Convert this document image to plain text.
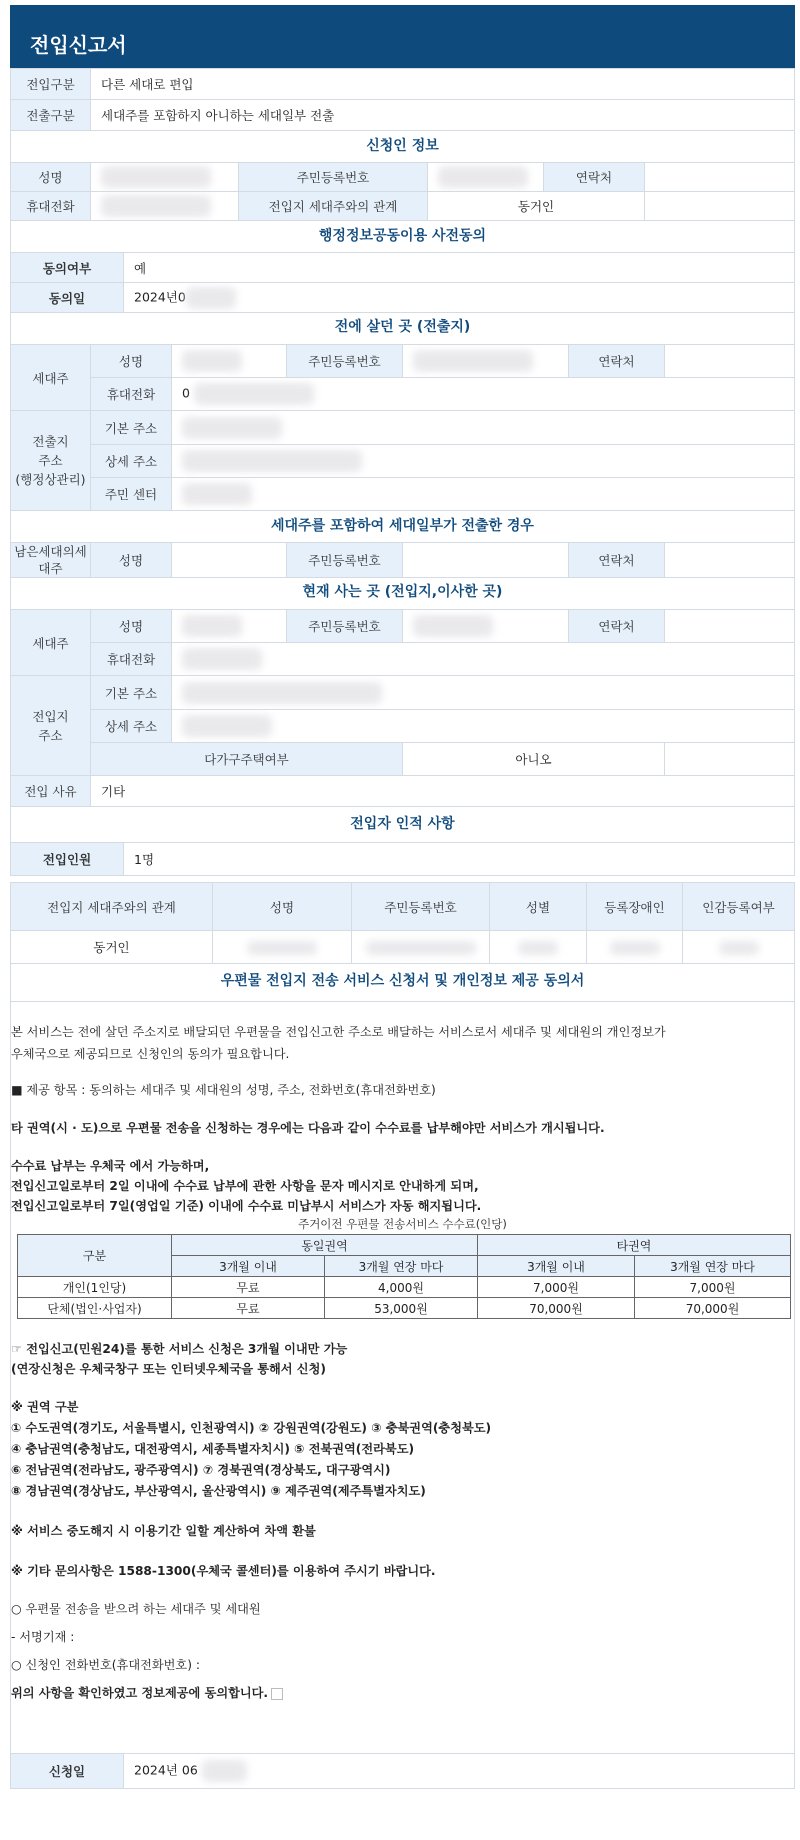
전입신고서
전입구분	다른 세대로 편입
전출구분	세대주를 포함하지 아니하는 세대일부 전출
신청인 정보
성명		주민등록번호		연락처	
휴대전화		전입지 세대주와의 관계	동거인		
행정정보공동이용 사전동의
동의여부	예
동의일	2024년0
전에 살던 곳 (전출지)
세대주	성명		주민등록번호		연락처	
	휴대전화	0				
전출지
주소
(행정상관리)	기본 주소					
	상세 주소					
	주민 센터					
세대주를 포함하여 세대일부가 전출한 경우
남은세대의세
대주	성명		주민등록번호		연락처	
현재 사는 곳 (전입지,이사한 곳)
세대주	성명		주민등록번호		연락처	
	휴대전화					
전입지
주소	기본 주소					
	상세 주소					
	다가구주택여부			아니오		
전입 사유	기타					
전입자 인적 사항
전입인원	1명
전입지 세대주와의 관계	성명	주민등록번호	성별	등록장애인	인감등록여부
동거인					
우편물 전입지 전송 서비스 신청서 및 개인정보 제공 동의서

본 서비스는 전에 살던 주소지로 배달되던 우편물을 전입신고한 주소로 배달하는 서비스로서 세대주 및 세대원의 개인정보가

우체국으로 제공되므로 신청인의 동의가 필요합니다.

■ 제공 항목 : 동의하는 세대주 및 세대원의 성명, 주소, 전화번호(휴대전화번호)

타 권역(시 · 도)으로 우편물 전송을 신청하는 경우에는 다음과 같이 수수료를 납부해야만 서비스가 개시됩니다.

수수료 납부는 우체국 에서 가능하며,

전입신고일로부터 2일 이내에 수수료 납부에 관한 사항을 문자 메시지로 안내하게 되며,

전입신고일로부터 7일(영업일 기준) 이내에 수수료 미납부시 서비스가 자동 해지됩니다.

주거이전 우편물 전송서비스 수수료(인당)

구분	동일권역		타권역	
	3개월 이내	3개월 연장 마다	3개월 이내	3개월 연장 마다
개인(1인당)	무료	4,000원	7,000원	7,000원
단체(법인·사업자)	무료	53,000원	70,000원	70,000원

☞ 전입신고(민원24)를 통한 서비스 신청은 3개월 이내만 가능

(연장신청은 우체국창구 또는 인터넷우체국을 통해서 신청)

※ 권역 구분

① 수도권역(경기도, 서울특별시, 인천광역시) ② 강원권역(강원도) ③ 충북권역(충청북도)

④ 충남권역(충청남도, 대전광역시, 세종특별자치시) ⑤ 전북권역(전라북도)

⑥ 전남권역(전라남도, 광주광역시) ⑦ 경북권역(경상북도, 대구광역시)

⑧ 경남권역(경상남도, 부산광역시, 울산광역시) ⑨ 제주권역(제주특별자치도)

※ 서비스 중도해지 시 이용기간 일할 계산하여 차액 환불

※ 기타 문의사항은 1588-1300(우체국 콜센터)를 이용하여 주시기 바랍니다.

○ 우편물 전송을 받으려 하는 세대주 및 세대원

- 서명기재 :

○ 신청인 전화번호(휴대전화번호) :

위의 사항을 확인하였고 정보제공에 동의합니다.

신청일	2024년 06
